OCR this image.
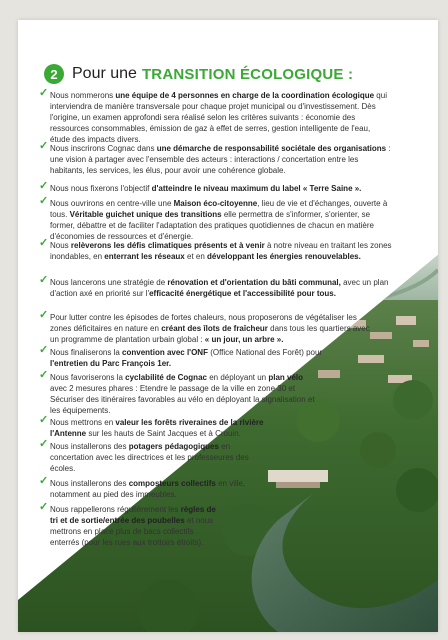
2 Pour une TRANSITION ÉCOLOGIQUE :
✓ Nous nommerons une équipe de 4 personnes en charge de la coordination écologique qui interviendra de manière transversale pour chaque projet municipal ou d'investissement. Dès l'origine, un examen approfondi sera réalisé selon les critères suivants : économie des ressources consommables, émission de gaz à effet de serres, gestion intelligente de l'eau, étude des impacts divers.
✓ Nous inscrirons Cognac dans une démarche de responsabilité sociétale des organisations : une vision à partager avec l'ensemble des acteurs : interactions / concertation entre les habitants, les services, les élus, pour avoir une cohérence globale.
✓ Nous nous fixerons l'objectif d'atteindre le niveau maximum du label « Terre Saine ».
✓ Nous ouvrirons en centre-ville une Maison éco-citoyenne, lieu de vie et d'échanges, ouverte à tous. Véritable guichet unique des transitions elle permettra de s'informer, s'orienter, se former, débattre et de faciliter l'adaptation des pratiques quotidiennes de chacun en matière d'économies de ressources et d'énergie.
✓ Nous relèverons les défis climatiques présents et à venir à notre niveau en traitant les zones inondables, en enterrant les réseaux et en développant les énergies renouvelables.
✓ Nous lancerons une stratégie de rénovation et d'orientation du bâti communal, avec un plan d'action axé en priorité sur l'efficacité énergétique et l'accessibilité pour tous.
✓ Pour lutter contre les épisodes de fortes chaleurs, nous proposerons de végétaliser les zones déficitaires en nature en créant des îlots de fraîcheur dans tous les quartiers avec un programme de plantation urbain global : « un jour, un arbre ».
✓ Nous finaliserons la convention avec l'ONF (Office National des Forêt) pour l'entretien du Parc François 1er.
✓ Nous favoriserons la cyclabilité de Cognac en déployant un plan vélo avec 2 mesures phares : Etendre le passage de la ville en zone 30 et Sécuriser des itinéraires favorables au vélo en déployant la signalisation et les équipements.
✓ Nous mettrons en valeur les forêts riveraines de la rivière l'Antenne sur les hauts de Saint Jacques et à Crouin.
✓ Nous installerons des potagers pédagogiques en concertation avec les directrices et les professeures des écoles.
✓ Nous installerons des composteurs collectifs en ville, notamment au pied des immeubles.
✓ Nous rappellerons régulièrement les règles de tri et de sortie/entrée des poubelles et nous mettrons en place plus de bacs collectifs enterrés (pour les rues aux trottoirs étroits).
